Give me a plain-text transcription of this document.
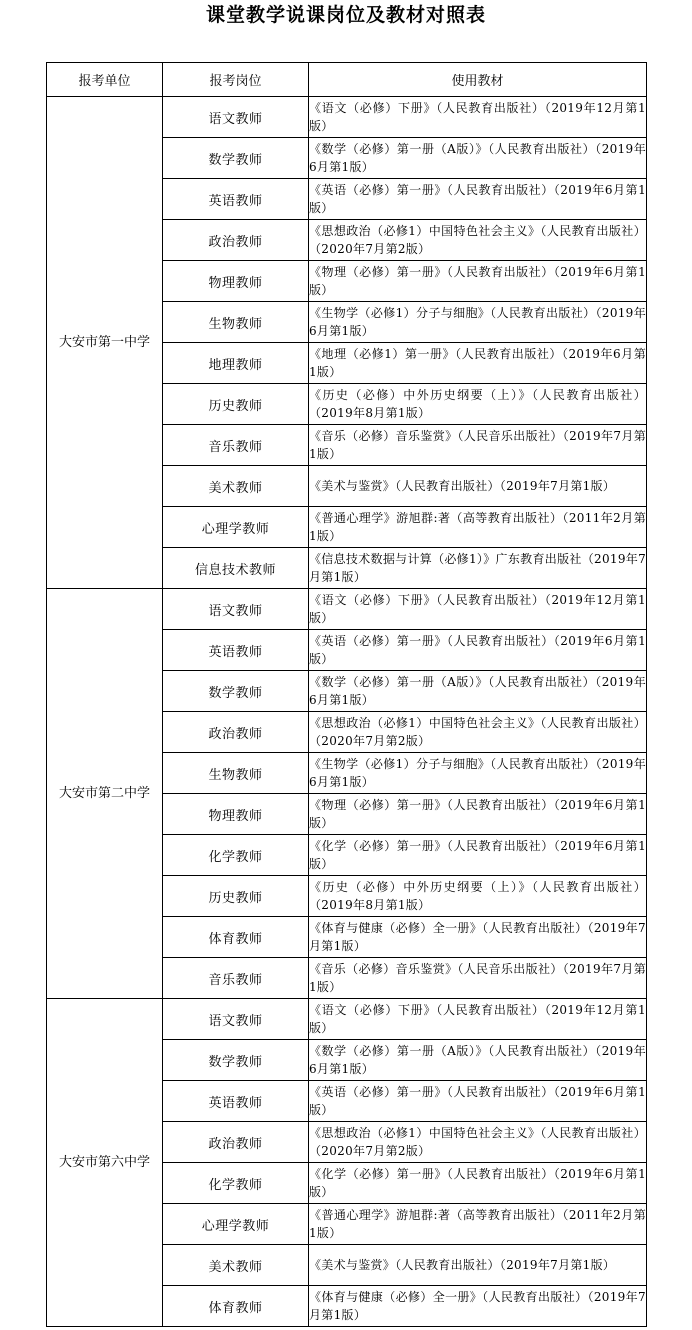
课堂教学说课岗位及教材对照表
报考单位	报考岗位	使用教材
大安市第一中学	语文教师	《语文（必修）下册》（人民教育出版社）（2019年12月第1版）
	数学教师	《数学（必修）第一册（A版）》（人民教育出版社）（2019年6月第1版）
	英语教师	《英语（必修）第一册》（人民教育出版社）（2019年6月第1版）
	政治教师	《思想政治（必修1）中国特色社会主义》（人民教育出版社）（2020年7月第2版）
	物理教师	《物理（必修）第一册》（人民教育出版社）（2019年6月第1版）
	生物教师	《生物学（必修1）分子与细胞》（人民教育出版社）（2019年6月第1版）
	地理教师	《地理（必修1）第一册》（人民教育出版社）（2019年6月第1版）
	历史教师	《历史（必修）中外历史纲要（上）》（人民教育出版社）（2019年8月第1版）
	音乐教师	《音乐（必修）音乐鉴赏》（人民音乐出版社）（2019年7月第1版）
	美术教师	《美术与鉴赏》（人民教育出版社）（2019年7月第1版）
	心理学教师	《普通心理学》游旭群:著（高等教育出版社）（2011年2月第1版）
	信息技术教师	《信息技术数据与计算（必修1）》广东教育出版社（2019年7月第1版）
大安市第二中学	语文教师	《语文（必修）下册》（人民教育出版社）（2019年12月第1版）
	英语教师	《英语（必修）第一册》（人民教育出版社）（2019年6月第1版）
	数学教师	《数学（必修）第一册（A版）》（人民教育出版社）（2019年6月第1版）
	政治教师	《思想政治（必修1）中国特色社会主义》（人民教育出版社）（2020年7月第2版）
	生物教师	《生物学（必修1）分子与细胞》（人民教育出版社）（2019年6月第1版）
	物理教师	《物理（必修）第一册》（人民教育出版社）（2019年6月第1版）
	化学教师	《化学（必修）第一册》（人民教育出版社）（2019年6月第1版）
	历史教师	《历史（必修）中外历史纲要（上）》（人民教育出版社）（2019年8月第1版）
	体育教师	《体育与健康（必修）全一册》（人民教育出版社）（2019年7月第1版）
	音乐教师	《音乐（必修）音乐鉴赏》（人民音乐出版社）（2019年7月第1版）
大安市第六中学	语文教师	《语文（必修）下册》（人民教育出版社）（2019年12月第1版）
	数学教师	《数学（必修）第一册（A版）》（人民教育出版社）（2019年6月第1版）
	英语教师	《英语（必修）第一册》（人民教育出版社）（2019年6月第1版）
	政治教师	《思想政治（必修1）中国特色社会主义》（人民教育出版社）（2020年7月第2版）
	化学教师	《化学（必修）第一册》（人民教育出版社）（2019年6月第1版）
	心理学教师	《普通心理学》游旭群:著（高等教育出版社）（2011年2月第1版）
	美术教师	《美术与鉴赏》（人民教育出版社）（2019年7月第1版）
	体育教师	《体育与健康（必修）全一册》（人民教育出版社）（2019年7月第1版）
